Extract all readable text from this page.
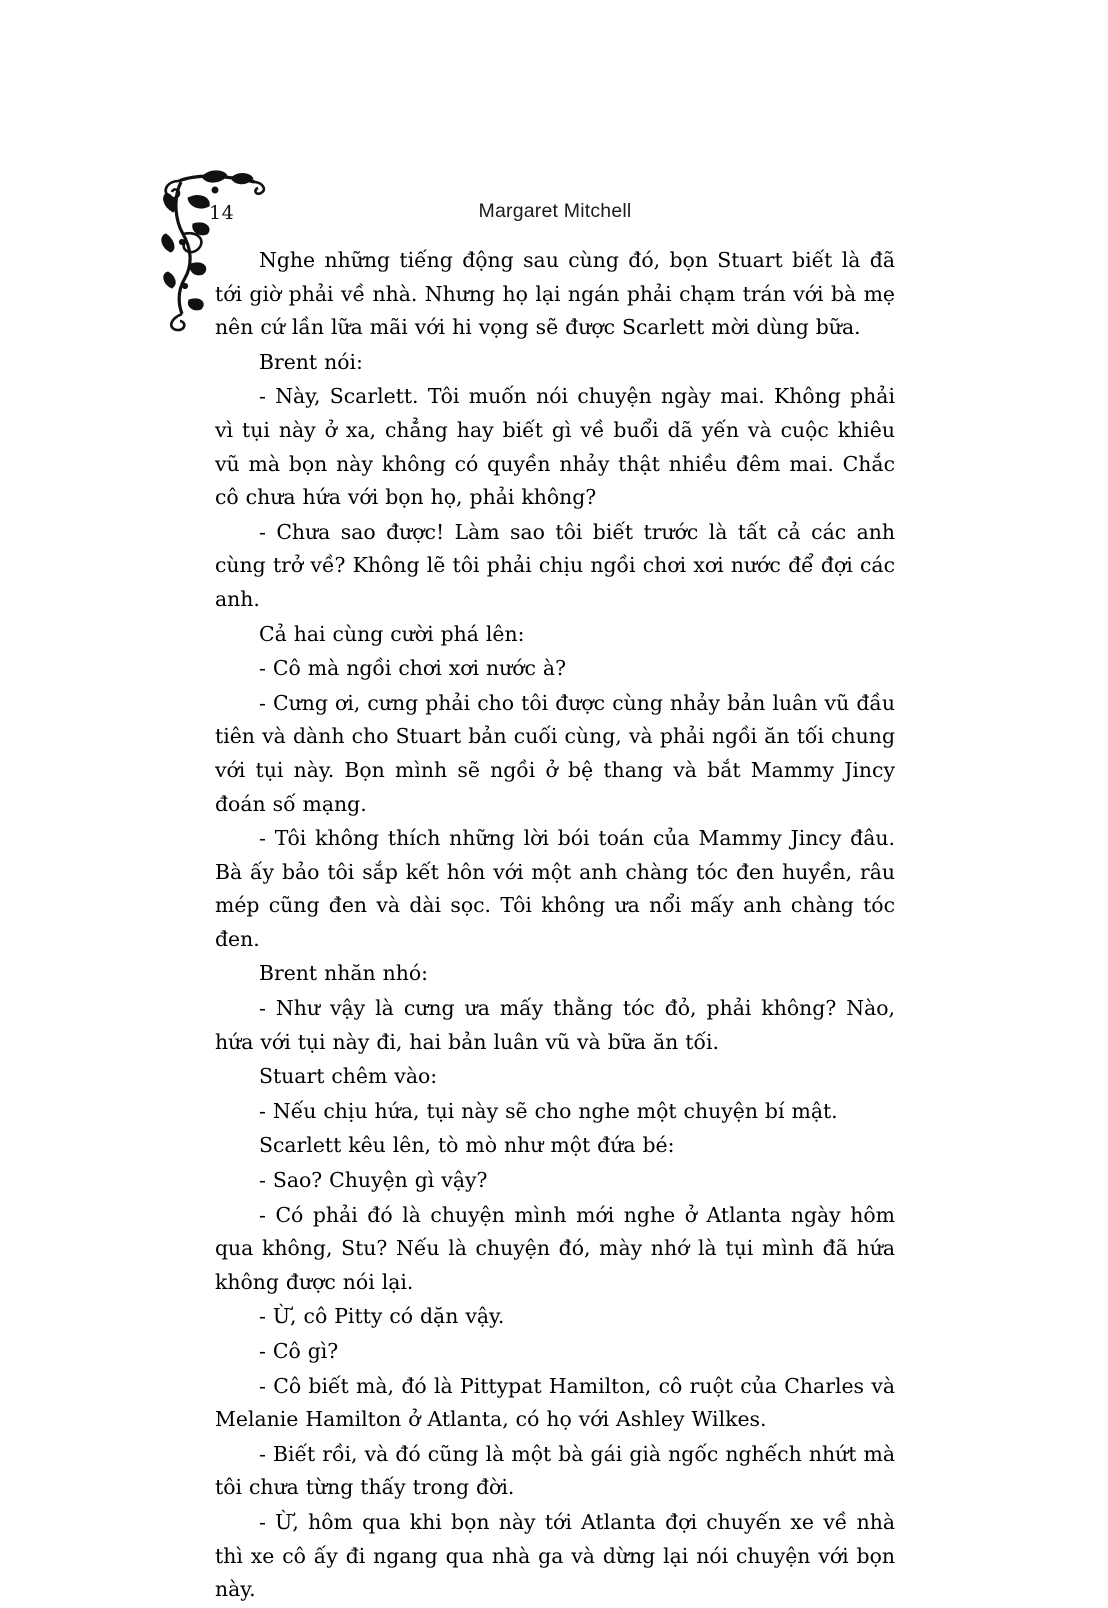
14	Margaret Mitchell

Nghe những tiếng động sau cùng đó, bọn Stuart biết là đã tới giờ phải về nhà. Nhưng họ lại ngán phải chạm trán với bà mẹ nên cứ lần lữa mãi với hi vọng sẽ được Scarlett mời dùng bữa.

Brent nói:

- Này, Scarlett. Tôi muốn nói chuyện ngày mai. Không phải vì tụi này ở xa, chẳng hay biết gì về buổi dã yến và cuộc khiêu vũ mà bọn này không có quyền nhảy thật nhiều đêm mai. Chắc cô chưa hứa với bọn họ, phải không?

- Chưa sao được! Làm sao tôi biết trước là tất cả các anh cùng trở về? Không lẽ tôi phải chịu ngồi chơi xơi nước để đợi các anh.

Cả hai cùng cười phá lên:

- Cô mà ngồi chơi xơi nước à?

- Cưng ơi, cưng phải cho tôi được cùng nhảy bản luân vũ đầu tiên và dành cho Stuart bản cuối cùng, và phải ngồi ăn tối chung với tụi này. Bọn mình sẽ ngồi ở bệ thang và bắt Mammy Jincy đoán số mạng.

- Tôi không thích những lời bói toán của Mammy Jincy đâu. Bà ấy bảo tôi sắp kết hôn với một anh chàng tóc đen huyền, râu mép cũng đen và dài sọc. Tôi không ưa nổi mấy anh chàng tóc đen.

Brent nhăn nhó:

- Như vậy là cưng ưa mấy thằng tóc đỏ, phải không? Nào, hứa với tụi này đi, hai bản luân vũ và bữa ăn tối.

Stuart chêm vào:

- Nếu chịu hứa, tụi này sẽ cho nghe một chuyện bí mật.

Scarlett kêu lên, tò mò như một đứa bé:

- Sao? Chuyện gì vậy?

- Có phải đó là chuyện mình mới nghe ở Atlanta ngày hôm qua không, Stu? Nếu là chuyện đó, mày nhớ là tụi mình đã hứa không được nói lại.

- Ừ, cô Pitty có dặn vậy.

- Cô gì?

- Cô biết mà, đó là Pittypat Hamilton, cô ruột của Charles và Melanie Hamilton ở Atlanta, có họ với Ashley Wilkes.

- Biết rồi, và đó cũng là một bà gái già ngốc nghếch nhứt mà tôi chưa từng thấy trong đời.

- Ừ, hôm qua khi bọn này tới Atlanta đợi chuyến xe về nhà thì xe cô ấy đi ngang qua nhà ga và dừng lại nói chuyện với bọn này.
